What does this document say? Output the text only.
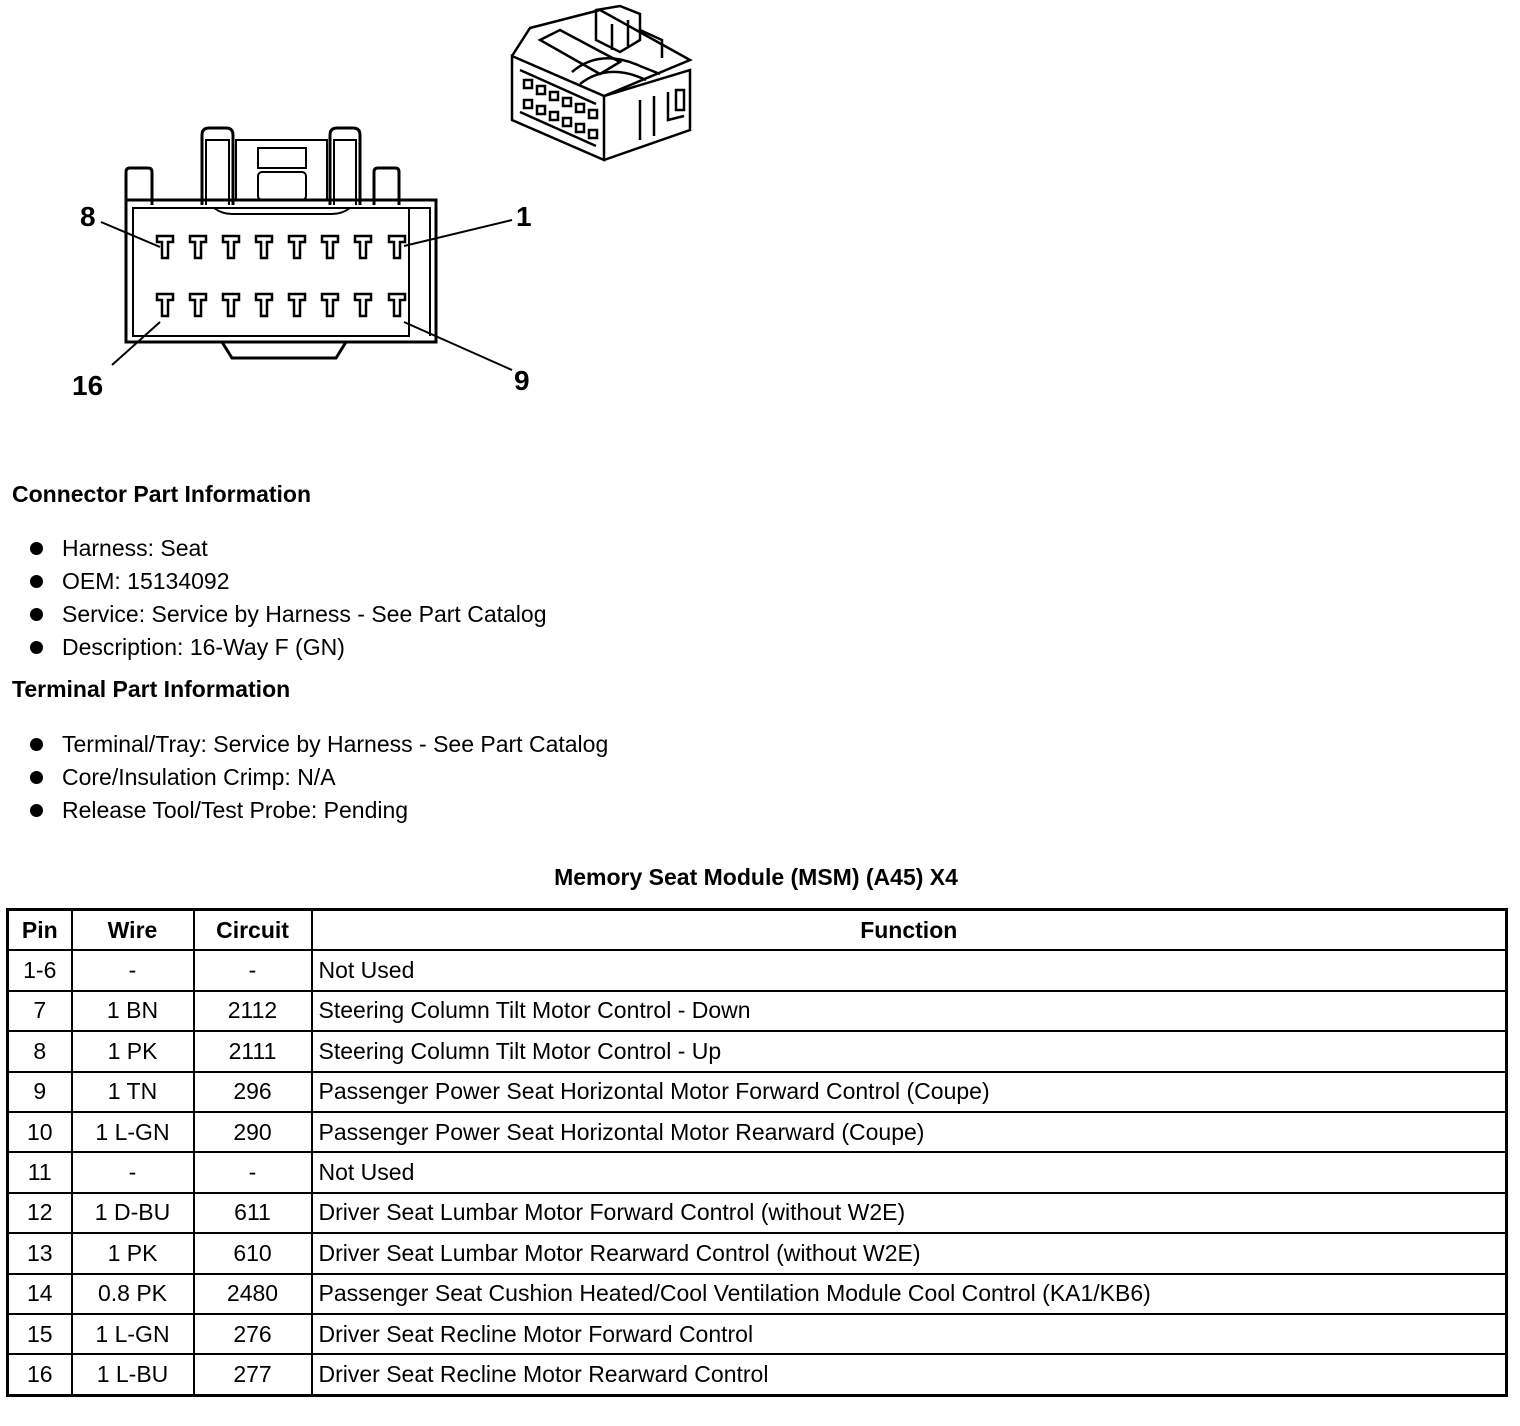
8	1
16	9
Connector Part Information
Harness: Seat
OEM: 15134092
Service: Service by Harness - See Part Catalog
Description: 16-Way F (GN)
Terminal Part Information
Terminal/Tray: Service by Harness - See Part Catalog
Core/Insulation Crimp: N/A
Release Tool/Test Probe: Pending
Memory Seat Module (MSM) (A45) X4
Pin	Wire	Circuit	Function
1-6	-	-	Not Used
7	1 BN	2112	Steering Column Tilt Motor Control - Down
8	1 PK	2111	Steering Column Tilt Motor Control - Up
9	1 TN	296	Passenger Power Seat Horizontal Motor Forward Control (Coupe)
10	1 L-GN	290	Passenger Power Seat Horizontal Motor Rearward (Coupe)
11	-	-	Not Used
12	1 D-BU	611	Driver Seat Lumbar Motor Forward Control (without W2E)
13	1 PK	610	Driver Seat Lumbar Motor Rearward Control (without W2E)
14	0.8 PK	2480	Passenger Seat Cushion Heated/Cool Ventilation Module Cool Control (KA1/KB6)
15	1 L-GN	276	Driver Seat Recline Motor Forward Control
16	1 L-BU	277	Driver Seat Recline Motor Rearward Control
